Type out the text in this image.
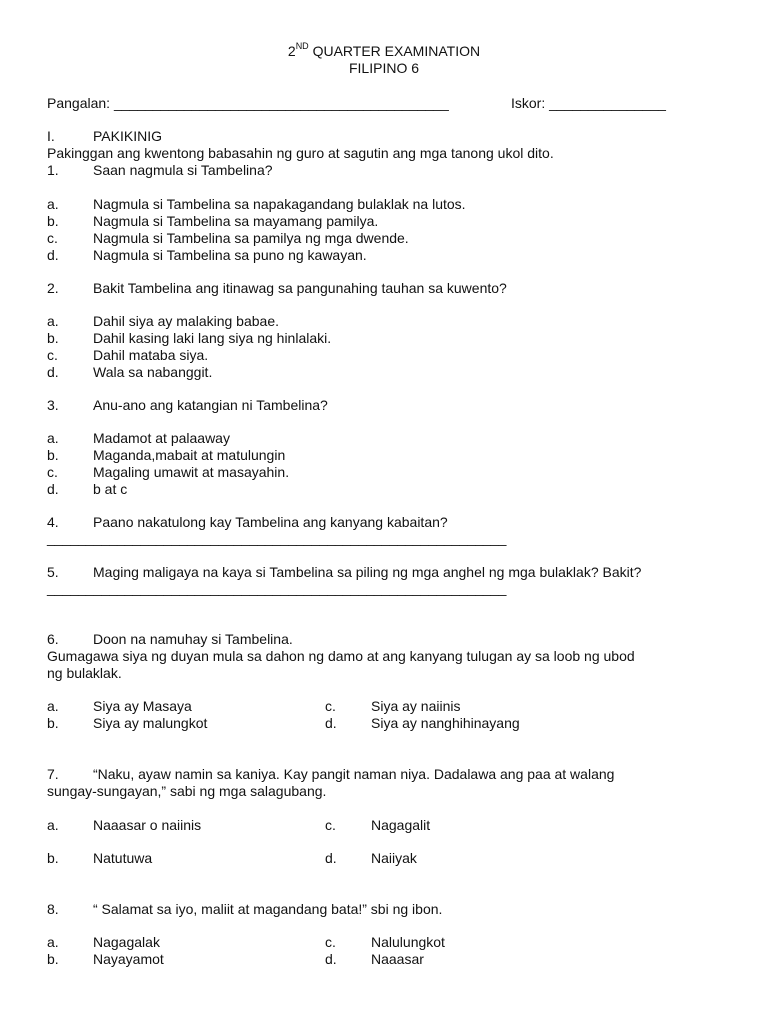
2ND QUARTER EXAMINATION
FILIPINO 6
Pangalan: ___________________________________________	Iskor: _______________
I.	PAKIKINIG
Pakinggan ang kwentong babasahin ng guro at sagutin ang mga tanong ukol dito.
1. Saan nagmula si Tambelina?
a. Nagmula si Tambelina sa napakagandang bulaklak na lutos.
b. Nagmula si Tambelina sa mayamang pamilya.
c.	Nagmula si Tambelina sa pamilya ng mga dwende.
d. Nagmula si Tambelina sa puno ng kawayan.
2. Bakit Tambelina ang itinawag sa pangunahing tauhan sa kuwento?
a. Dahil siya ay malaking babae.
b. Dahil kasing laki lang siya ng hinlalaki.
c.	Dahil mataba siya.
d. Wala sa nabanggit.
3. Anu-ano ang katangian ni Tambelina?
a. Madamot at palaaway
b. Maganda,mabait at matulungin
c.	Magaling umawit at masayahin.
d. b at c
4. Paano nakatulong kay Tambelina ang kanyang kabaitan?
___________________________________________________________
5. Maging maligaya na kaya si Tambelina sa piling ng mga anghel ng mga bulaklak? Bakit?
___________________________________________________________
6. Doon na namuhay si Tambelina.
Gumagawa siya ng duyan mula sa dahon ng damo at ang kanyang tulugan ay sa loob ng ubod
ng bulaklak.
a. Siya ay Masaya	c.	Siya ay naiinis
b. Siya ay malungkot	d. Siya ay nanghihinayang
7. “Naku, ayaw namin sa kaniya. Kay pangit naman niya. Dadalawa ang paa at walang
sungay-sungayan,” sabi ng mga salagubang.
a. Naaasar o naiinis	c.	Nagagalit
b. Natutuwa	d. Naiiyak
8. “ Salamat sa iyo, maliit at magandang bata!” sbi ng ibon.
a. Nagagalak	c.	Nalulungkot
b. Nayayamot	d. Naaasar
